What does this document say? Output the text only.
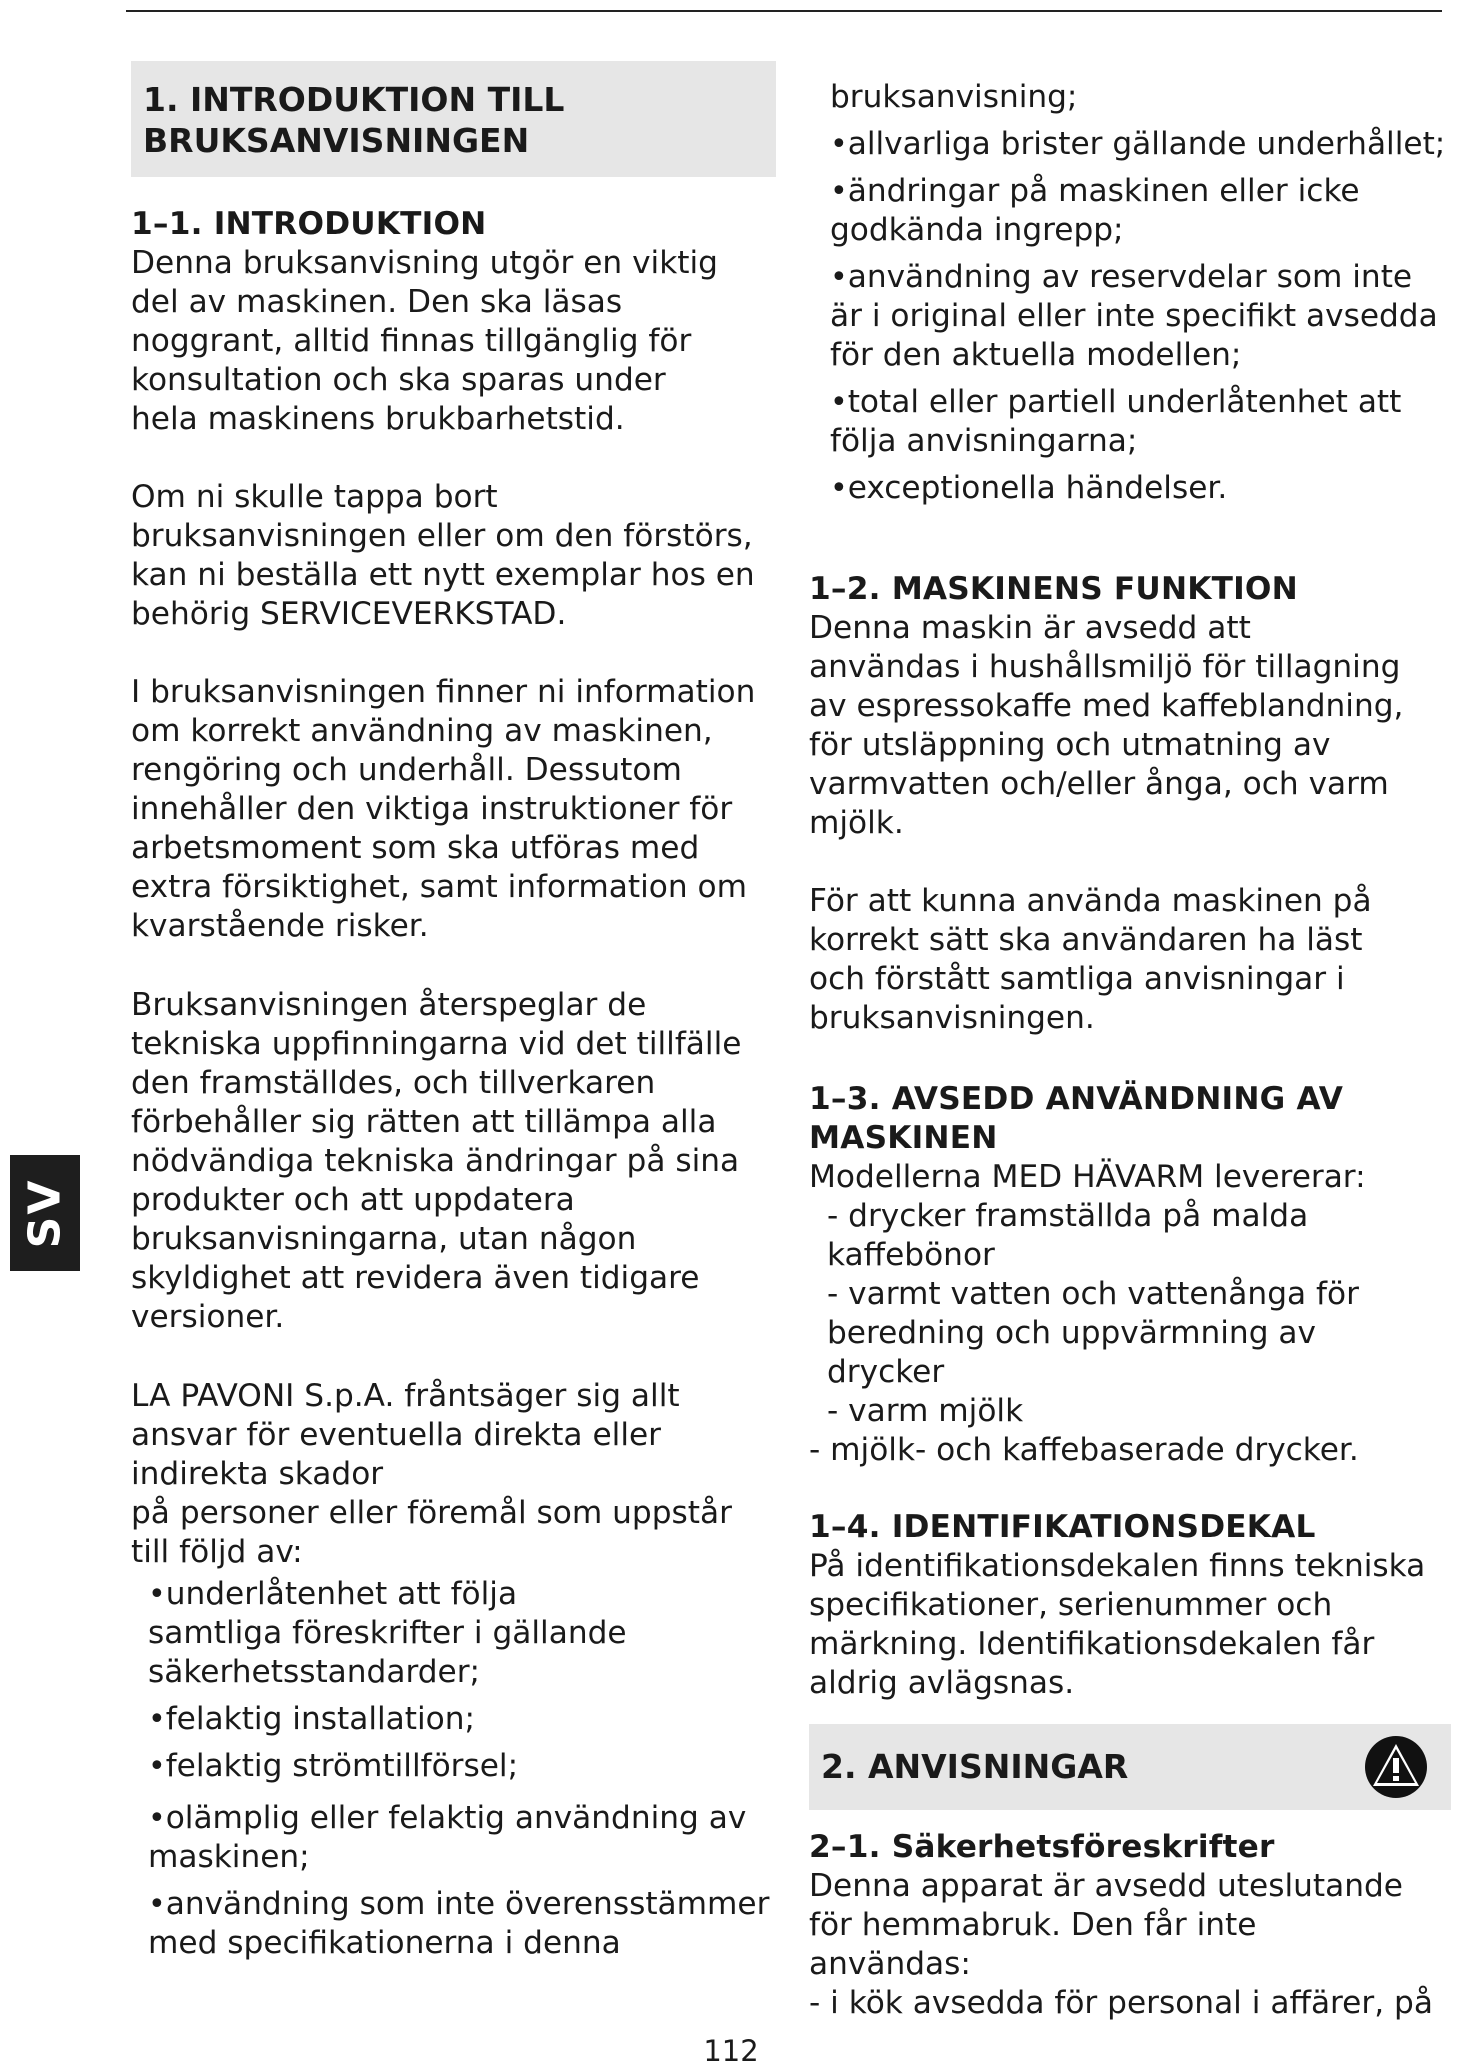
SV
1. INTRODUKTION TILL BRUKSANVISNINGEN

1–1. INTRODUKTION

Denna bruksanvisning utgör en viktig del av maskinen. Den ska läsas noggrant, alltid finnas tillgänglig för konsultation och ska sparas under hela maskinens brukbarhetstid.

Om ni skulle tappa bort bruksanvisningen eller om den förstörs, kan ni beställa ett nytt exemplar hos en behörig SERVICEVERKSTAD.

I bruksanvisningen finner ni information om korrekt användning av maskinen, rengöring och underhåll. Dessutom innehåller den viktiga instruktioner för arbetsmoment som ska utföras med extra försiktighet, samt information om kvarstående risker.

Bruksanvisningen återspeglar de tekniska uppfinningarna vid det tillfälle den framställdes, och tillverkaren förbehåller sig rätten att tillämpa alla nödvändiga tekniska ändringar på sina produkter och att uppdatera bruksanvisningarna, utan någon skyldighet att revidera även tidigare versioner.

LA PAVONI S.p.A. fråntsäger sig allt ansvar för eventuella direkta eller indirekta skador

på personer eller föremål som uppstår till följd av:

•underlåtenhet att följa samtliga föreskrifter i gällande säkerhetsstandarder;

•felaktig installation;

•felaktig strömtillförsel;

•olämplig eller felaktig användning av maskinen;

•användning som inte överensstämmer med specifikationerna i denna

bruksanvisning;

•allvarliga brister gällande underhållet;

•ändringar på maskinen eller icke godkända ingrepp;

•användning av reservdelar som inte är i original eller inte specifikt avsedda för den aktuella modellen;

•total eller partiell underlåtenhet att följa anvisningarna;

•exceptionella händelser.

1–2. MASKINENS FUNKTION

Denna maskin är avsedd att användas i hushållsmiljö för tillagning av espressokaffe med kaffeblandning, för utsläppning och utmatning av varmvatten och/eller ånga, och varm mjölk.

För att kunna använda maskinen på korrekt sätt ska användaren ha läst och förstått samtliga anvisningar i bruksanvisningen.

1–3. AVSEDD ANVÄNDNING AV MASKINEN

Modellerna MED HÄVARM levererar:

- drycker framställda på malda kaffebönor

- varmt vatten och vattenånga för beredning och uppvärmning av drycker

- varm mjölk

- mjölk- och kaffebaserade drycker.

1–4. IDENTIFIKATIONSDEKAL

På identifikationsdekalen finns tekniska specifikationer, serienummer och märkning. Identifikationsdekalen får aldrig avlägsnas.

2. ANVISNINGAR

2–1. Säkerhetsföreskrifter

Denna apparat är avsedd uteslutande för hemmabruk. Den får inte användas:

- i kök avsedda för personal i affärer, på

112
